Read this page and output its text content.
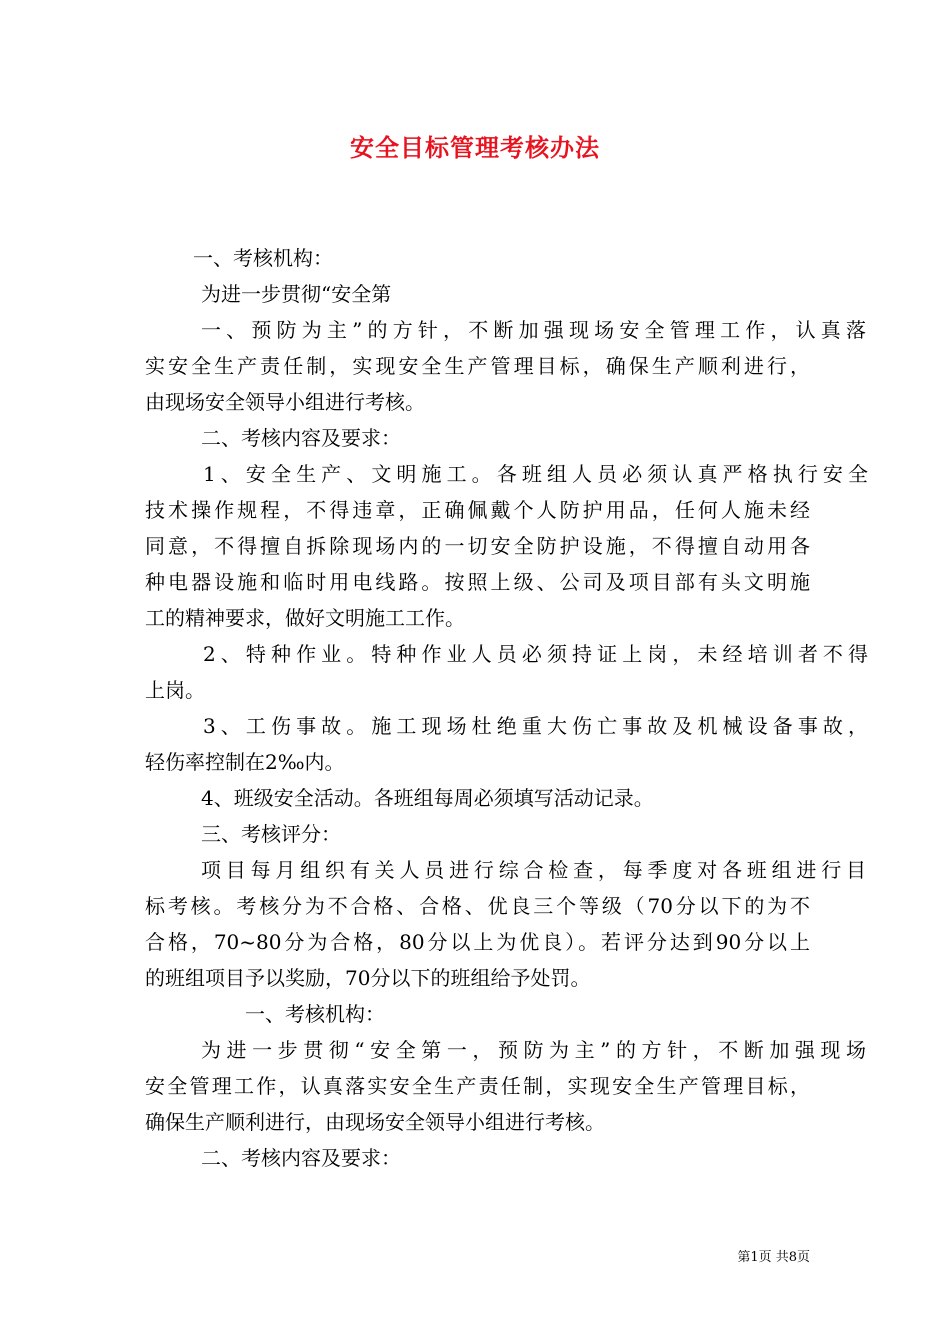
安全目标管理考核办法
一、考核机构：
为进一步贯彻“安全第
一、预防为主”的方针，不断加强现场安全管理工作，认真落
实安全生产责任制，实现安全生产管理目标，确保生产顺利进行，
由现场安全领导小组进行考核。
二、考核内容及要求：
1、安全生产、文明施工。各班组人员必须认真严格执行安全
技术操作规程，不得违章，正确佩戴个人防护用品，任何人施未经
同意，不得擅自拆除现场内的一切安全防护设施，不得擅自动用各
种电器设施和临时用电线路。按照上级、公司及项目部有头文明施
工的精神要求，做好文明施工工作。
2、特种作业。特种作业人员必须持证上岗，未经培训者不得
上岗。
3、工伤事故。施工现场杜绝重大伤亡事故及机械设备事故，
轻伤率控制在2‰内。
4、班级安全活动。各班组每周必须填写活动记录。
三、考核评分：
项目每月组织有关人员进行综合检查，每季度对各班组进行目
标考核。考核分为不合格、合格、优良三个等级（70分以下的为不
合格，70~80分为合格，80分以上为优良）。若评分达到90分以上
的班组项目予以奖励，70分以下的班组给予处罚。
一、考核机构：
为进一步贯彻“安全第一，预防为主”的方针，不断加强现场
安全管理工作，认真落实安全生产责任制，实现安全生产管理目标，
确保生产顺利进行，由现场安全领导小组进行考核。
二、考核内容及要求：
第1页 共8页
